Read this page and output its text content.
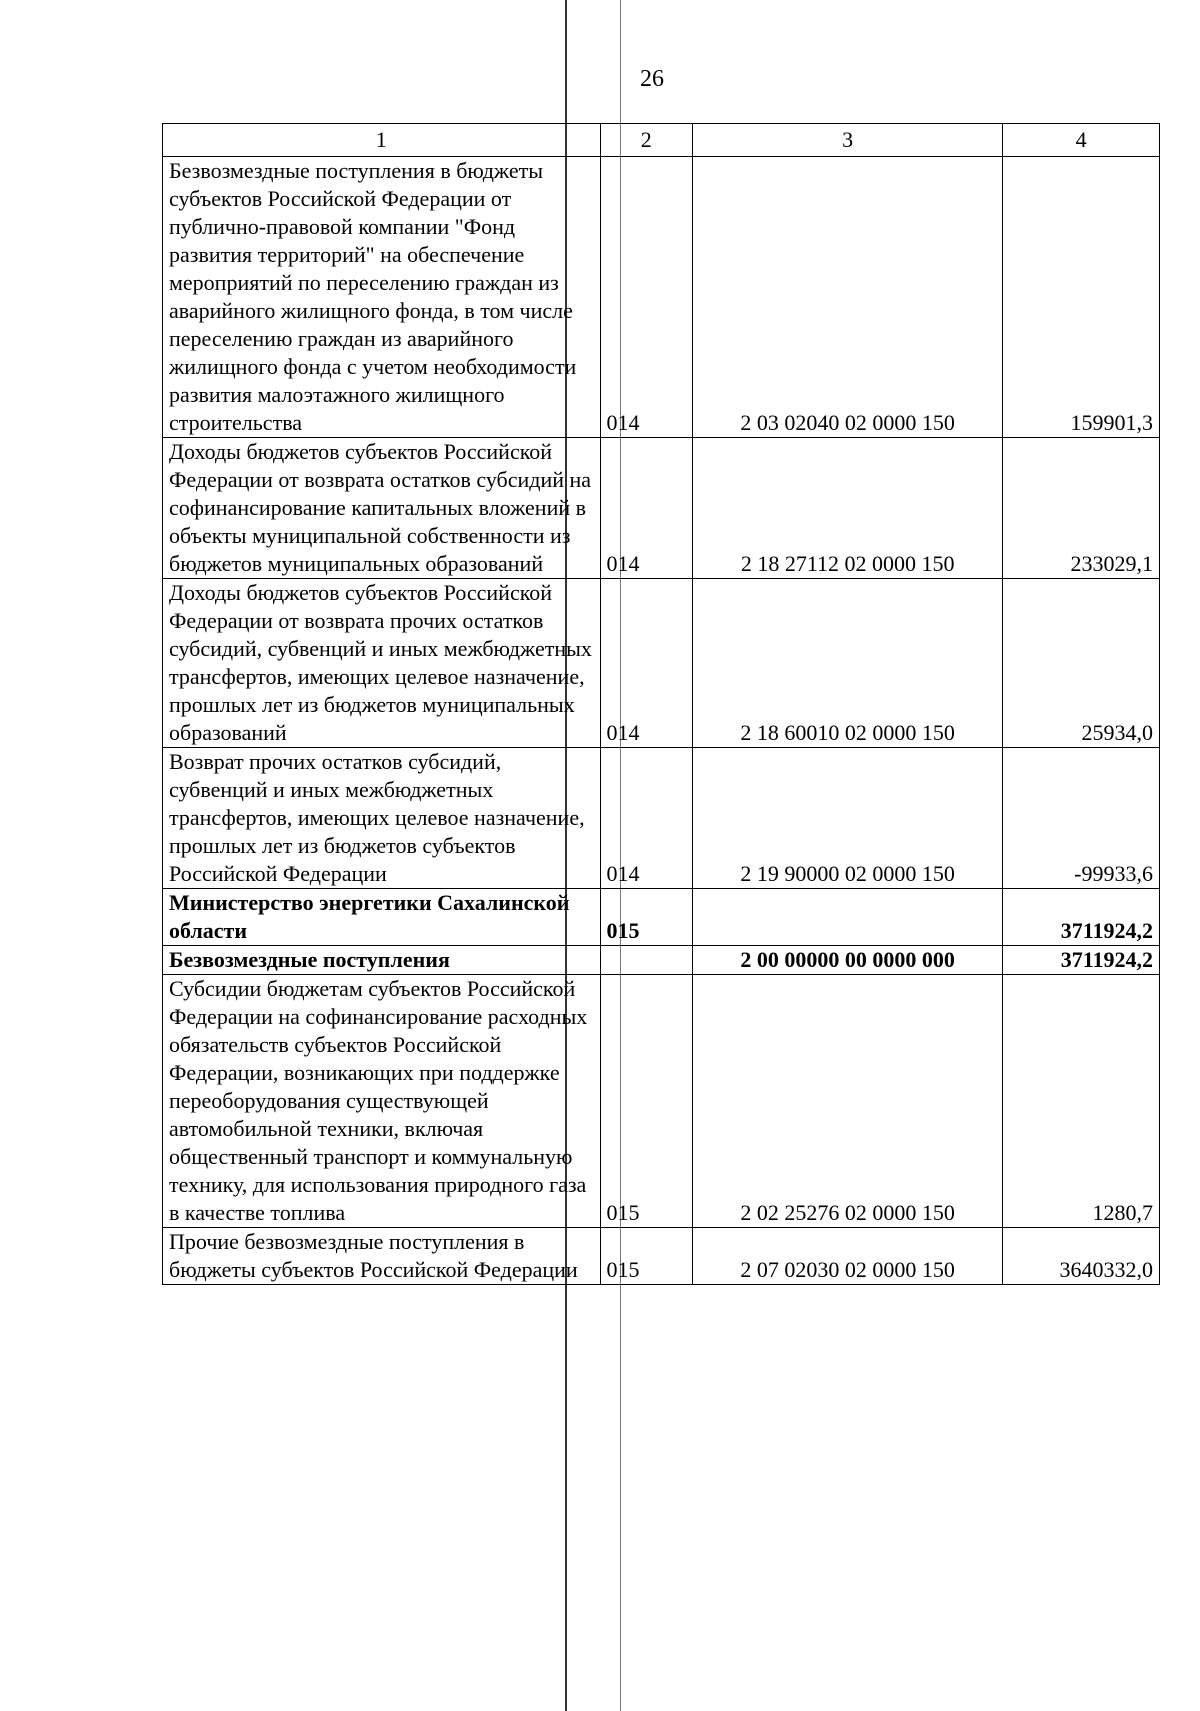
26
1	2	3	4
Безвозмездные поступления в бюджеты субъектов Российской Федерации от публично-правовой компании "Фонд развития территорий" на обеспечение мероприятий по переселению граждан из аварийного жилищного фонда, в том числе переселению граждан из аварийного жилищного фонда с учетом необходимости развития малоэтажного жилищного строительства	014	2 03 02040 02 0000 150	159901,3
Доходы бюджетов субъектов Российской Федерации от возврата остатков субсидий на софинансирование капитальных вложений в объекты муниципальной собственности из бюджетов муниципальных образований	014	2 18 27112 02 0000 150	233029,1
Доходы бюджетов субъектов Российской Федерации от возврата прочих остатков субсидий, субвенций и иных межбюджетных трансфертов, имеющих целевое назначение, прошлых лет из бюджетов муниципальных образований	014	2 18 60010 02 0000 150	25934,0
Возврат прочих остатков субсидий, субвенций и иных межбюджетных трансфертов, имеющих целевое назначение, прошлых лет из бюджетов субъектов Российской Федерации	014	2 19 90000 02 0000 150	-99933,6
Министерство энергетики Сахалинской области	015		3711924,2
Безвозмездные поступления		2 00 00000 00 0000 000	3711924,2
Субсидии бюджетам субъектов Российской Федерации на софинансирование расходных обязательств субъектов Российской Федерации, возникающих при поддержке переоборудования существующей автомобильной техники, включая общественный транспорт и коммунальную технику, для использования природного газа в качестве топлива	015	2 02 25276 02 0000 150	1280,7
Прочие безвозмездные поступления в бюджеты субъектов Российской Федерации	015	2 07 02030 02 0000 150	3640332,0
